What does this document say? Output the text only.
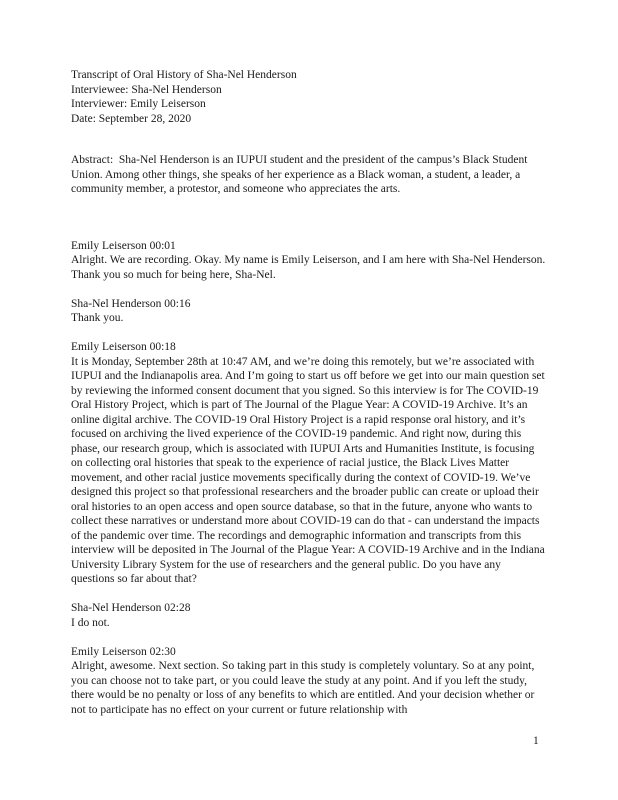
Transcript of Oral History of Sha-Nel Henderson
Interviewee: Sha-Nel Henderson
Interviewer: Emily Leiserson
Date: September 28, 2020
Abstract:  Sha-Nel Henderson is an IUPUI student and the president of the campus’s Black Student Union. Among other things, she speaks of her experience as a Black woman, a student, a leader, a community member, a protestor, and someone who appreciates the arts.
Emily Leiserson 00:01
Alright. We are recording. Okay. My name is Emily Leiserson, and I am here with Sha-Nel Henderson. Thank you so much for being here, Sha-Nel.
Sha-Nel Henderson 00:16
Thank you.
Emily Leiserson 00:18
It is Monday, September 28th at 10:47 AM, and we’re doing this remotely, but we’re associated with IUPUI and the Indianapolis area. And I’m going to start us off before we get into our main question set by reviewing the informed consent document that you signed. So this interview is for The COVID-19 Oral History Project, which is part of The Journal of the Plague Year: A COVID-19 Archive. It’s an online digital archive. The COVID-19 Oral History Project is a rapid response oral history, and it’s focused on archiving the lived experience of the COVID-19 pandemic. And right now, during this phase, our research group, which is associated with IUPUI Arts and Humanities Institute, is focusing on collecting oral histories that speak to the experience of racial justice, the Black Lives Matter movement, and other racial justice movements specifically during the context of COVID-19. We’ve designed this project so that professional researchers and the broader public can create or upload their oral histories to an open access and open source database, so that in the future, anyone who wants to collect these narratives or understand more about COVID-19 can do that - can understand the impacts of the pandemic over time. The recordings and demographic information and transcripts from this interview will be deposited in The Journal of the Plague Year: A COVID-19 Archive and in the Indiana University Library System for the use of researchers and the general public. Do you have any questions so far about that?
Sha-Nel Henderson 02:28
I do not.
Emily Leiserson 02:30
Alright, awesome. Next section. So taking part in this study is completely voluntary. So at any point, you can choose not to take part, or you could leave the study at any point. And if you left the study, there would be no penalty or loss of any benefits to which are entitled. And your decision whether or not to participate has no effect on your current or future relationship with
1
